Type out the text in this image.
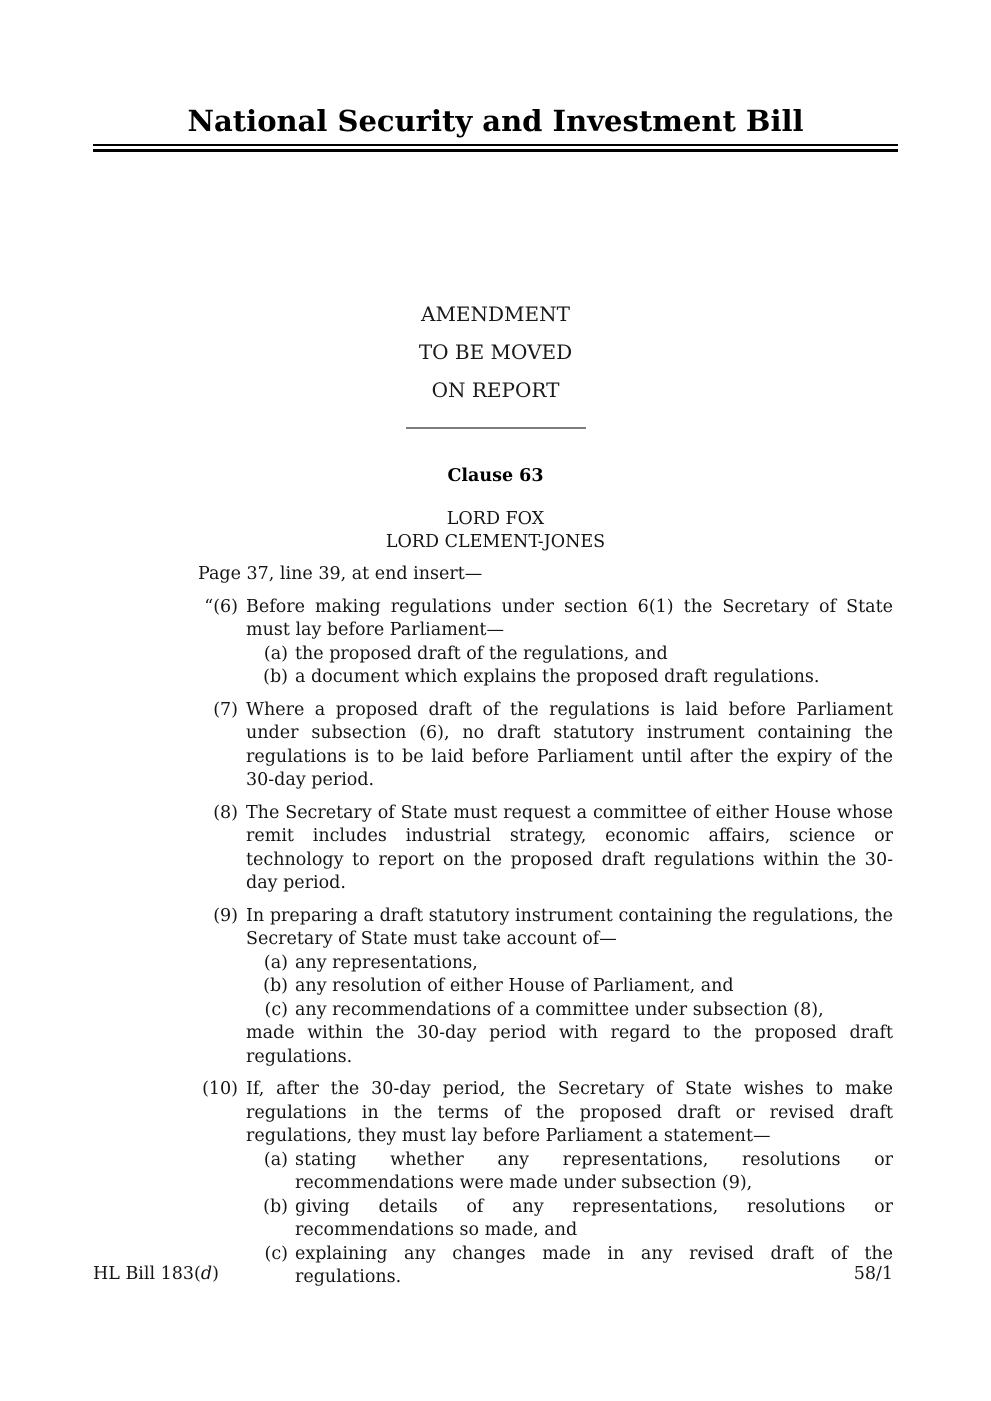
National Security and Investment Bill
AMENDMENT
TO BE MOVED
ON REPORT
Clause 63
LORD FOX
LORD CLEMENT-JONES
Page 37, line 39, at end insert—
“(6) Before making regulations under section 6(1) the Secretary of State must lay before Parliament—
(a) the proposed draft of the regulations, and
(b) a document which explains the proposed draft regulations.
(7) Where a proposed draft of the regulations is laid before Parliament under subsection (6), no draft statutory instrument containing the regulations is to be laid before Parliament until after the expiry of the 30-day period.
(8) The Secretary of State must request a committee of either House whose remit includes industrial strategy, economic affairs, science or technology to report on the proposed draft regulations within the 30-day period.
(9) In preparing a draft statutory instrument containing the regulations, the Secretary of State must take account of—
(a) any representations,
(b) any resolution of either House of Parliament, and
(c) any recommendations of a committee under subsection (8),
made within the 30-day period with regard to the proposed draft regulations.
(10) If, after the 30-day period, the Secretary of State wishes to make regulations in the terms of the proposed draft or revised draft regulations, they must lay before Parliament a statement—
(a) stating whether any representations, resolutions or recommendations were made under subsection (9),
(b) giving details of any representations, resolutions or recommendations so made, and
(c) explaining any changes made in any revised draft of the regulations.
HL Bill 183(d)	58/1
